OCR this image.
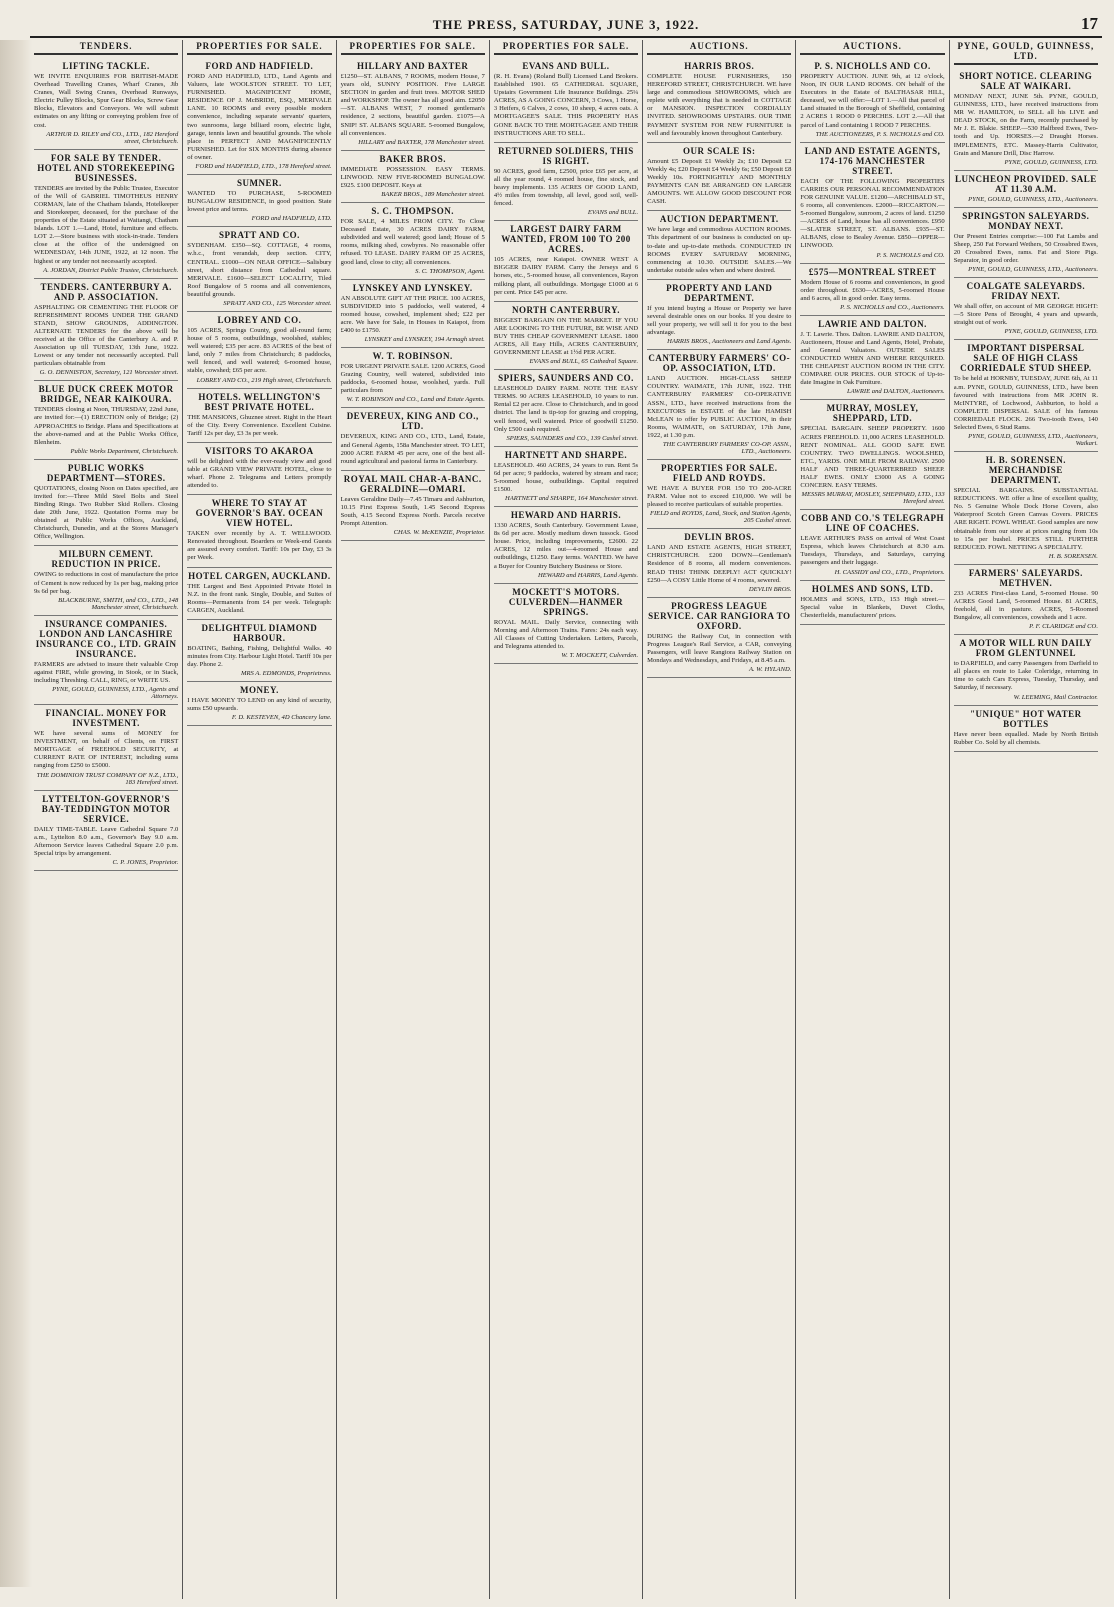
THE PRESS, SATURDAY, JUNE 3, 1922.	17
TENDERS.
LIFTING TACKLE.

WE INVITE ENQUIRIES FOR BRITISH-MADE Overhead Travelling Cranes, Wharf Cranes, Jib Cranes, Wall Swing Cranes, Overhead Runways, Electric Pulley Blocks, Spur Gear Blocks, Screw Gear Blocks, Elevators and Conveyors. We will submit estimates on any lifting or conveying problem free of cost.

ARTHUR D. RILEY and CO., LTD., 182 Hereford street, Christchurch.
FOR SALE BY TENDER. HOTEL AND STOREKEEPING BUSINESSES.

TENDERS are invited by the Public Trustee, Executor of the Will of GABRIEL TIMOTHEUS HENRY CORMAN, late of the Chatham Islands, Hotelkeeper and Storekeeper, deceased, for the purchase of the properties of the Estate situated at Waitangi, Chatham Islands. LOT 1.—Land, Hotel, furniture and effects. LOT 2.—Store business with stock-in-trade. Tenders close at the office of the undersigned on WEDNESDAY, 14th JUNE, 1922, at 12 noon. The highest or any tender not necessarily accepted.

A. JORDAN, District Public Trustee, Christchurch.
TENDERS. CANTERBURY A. AND P. ASSOCIATION.

ASPHALTING OR CEMENTING THE FLOOR OF REFRESHMENT ROOMS UNDER THE GRAND STAND, SHOW GROUNDS, ADDINGTON. ALTERNATE TENDERS for the above will be received at the Office of the Canterbury A. and P. Association up till TUESDAY, 13th June, 1922. Lowest or any tender not necessarily accepted. Full particulars obtainable from

G. O. DENNISTON, Secretary, 121 Worcester street.
BLUE DUCK CREEK MOTOR BRIDGE, NEAR KAIKOURA.

TENDERS closing at Noon, THURSDAY, 22nd June, are invited for:—(1) ERECTION only of Bridge; (2) APPROACHES to Bridge. Plans and Specifications at the above-named and at the Public Works Office, Blenheim.

Public Works Department, Christchurch.
PUBLIC WORKS DEPARTMENT—STORES.

QUOTATIONS, closing Noon on Dates specified, are invited for:—Three Mild Steel Bolts and Steel Binding Rings. Two Rubber Skid Rollers. Closing date 20th June, 1922. Quotation Forms may be obtained at Public Works Offices, Auckland, Christchurch, Dunedin, and at the Stores Manager's Office, Wellington.

MILBURN CEMENT. REDUCTION IN PRICE.

OWING to reductions in cost of manufacture the price of Cement is now reduced by 1s per bag, making price 9s 6d per bag.

BLACKBURNE, SMITH, and CO., LTD., 148 Manchester street, Christchurch.
INSURANCE COMPANIES. LONDON AND LANCASHIRE INSURANCE CO., LTD. GRAIN INSURANCE.

FARMERS are advised to insure their valuable Crop against FIRE, while growing, in Stook, or in Stack, including Threshing. CALL, RING, or WRITE US.

PYNE, GOULD, GUINNESS, LTD., Agents and Attorneys.
FINANCIAL. MONEY FOR INVESTMENT.

WE have several sums of MONEY for INVESTMENT, on behalf of Clients, on FIRST MORTGAGE of FREEHOLD SECURITY, at CURRENT RATE OF INTEREST, including sums ranging from £250 to £5000.

THE DOMINION TRUST COMPANY OF N.Z., LTD., 183 Hereford street.
LYTTELTON-GOVERNOR'S BAY-TEDDINGTON MOTOR SERVICE.

DAILY TIME-TABLE. Leave Cathedral Square 7.0 a.m., Lyttelton 8.0 a.m., Governor's Bay 9.0 a.m. Afternoon Service leaves Cathedral Square 2.0 p.m. Special trips by arrangement.

C. P. JONES, Proprietor.
PROPERTIES FOR SALE.
FORD AND HADFIELD.

FORD AND HADFIELD, LTD., Land Agents and Valuers, late WOOLSTON STREET. TO LET, FURNISHED. MAGNIFICENT HOME, RESIDENCE OF J. McBRIDE, ESQ., MERIVALE LANE. 10 ROOMS and every possible modern convenience, including separate servants' quarters, two sunrooms, large billiard room, electric light, garage, tennis lawn and beautiful grounds. The whole place in PERFECT AND MAGNIFICENTLY FURNISHED. Let for SIX MONTHS during absence of owner.

FORD and HADFIELD, LTD., 178 Hereford street.
SUMNER.

WANTED TO PURCHASE, 5-ROOMED BUNGALOW RESIDENCE, in good position. State lowest price and terms.

FORD and HADFIELD, LTD.
SPRATT AND CO.

SYDENHAM. £350—SQ. COTTAGE, 4 rooms, w.h.c., front verandah, deep section. CITY, CENTRAL. £1000—ON NEAR OFFICE—Salisbury street, short distance from Cathedral square. MERIVALE. £1600—SELECT LOCALITY, Tiled Roof Bungalow of 5 rooms and all conveniences, beautiful grounds.

SPRATT AND CO., 125 Worcester street.
LOBREY AND CO.

105 ACRES, Springs County, good all-round farm; house of 5 rooms, outbuildings, woolshed, stables; well watered; £35 per acre. 83 ACRES of the best of land, only 7 miles from Christchurch; 8 paddocks, well fenced, and well watered; 6-roomed house, stable, cowshed; £65 per acre.

LOBREY AND CO., 219 High street, Christchurch.
HOTELS. WELLINGTON'S BEST PRIVATE HOTEL.

THE MANSIONS, Ghuznee street. Right in the Heart of the City. Every Convenience. Excellent Cuisine. Tariff 12s per day, £3 3s per week.

VISITORS TO AKAROA

will be delighted with the ever-ready view and good table at GRAND VIEW PRIVATE HOTEL, close to wharf. Phone 2. Telegrams and Letters promptly attended to.

WHERE TO STAY AT GOVERNOR'S BAY. OCEAN VIEW HOTEL.

TAKEN over recently by A. T. WELLWOOD. Renovated throughout. Boarders or Week-end Guests are assured every comfort. Tariff: 10s per Day, £3 3s per Week.

HOTEL CARGEN, AUCKLAND.

THE Largest and Best Appointed Private Hotel in N.Z. in the front rank. Single, Double, and Suites of Rooms—Permanents from £4 per week. Telegraph: CARGEN, Auckland.

DELIGHTFUL DIAMOND HARBOUR.

BOATING, Bathing, Fishing, Delightful Walks. 40 minutes from City. Harbour Light Hotel. Tariff 10s per day. Phone 2.

MRS A. EDMONDS, Proprietress.
MONEY.

I HAVE MONEY TO LEND on any kind of security, sums £50 upwards.

F. D. KESTEVEN, 4D Chancery lane.
PROPERTIES FOR SALE.
HILLARY AND BAXTER

£1250—ST. ALBANS, 7 ROOMS, modern House, 7 years old, SUNNY POSITION. Five LARGE SECTION in garden and fruit trees. MOTOR SHED and WORKSHOP. The owner has all good aim. £2050—ST. ALBANS WEST, 7 roomed gentleman's residence, 2 sections, beautiful garden. £1075—A SNIP! ST. ALBANS SQUARE. 5-roomed Bungalow, all conveniences.

HILLARY and BAXTER, 178 Manchester street.
BAKER BROS.

IMMEDIATE POSSESSION. EASY TERMS. LINWOOD. NEW FIVE-ROOMED BUNGALOW. £925. £100 DEPOSIT. Keys at

BAKER BROS., 189 Manchester street.
S. C. THOMPSON.

FOR SALE, 4 MILES FROM CITY. To Close Deceased Estate, 30 ACRES DAIRY FARM, subdivided and well watered; good land; House of 5 rooms, milking shed, cowbyres. No reasonable offer refused. TO LEASE. DAIRY FARM OF 25 ACRES, good land, close to city; all conveniences.

S. C. THOMPSON, Agent.
LYNSKEY AND LYNSKEY.

AN ABSOLUTE GIFT AT THE PRICE. 100 ACRES, SUBDIVIDED into 5 paddocks, well watered, 4 roomed house, cowshed, implement shed; £22 per acre. We have for Sale, in Houses in Kaiapoi, from £400 to £1750.

LYNSKEY and LYNSKEY, 194 Armagh street.
W. T. ROBINSON.

FOR URGENT PRIVATE SALE. 1200 ACRES, Good Grazing Country, well watered, subdivided into paddocks, 6-roomed house, woolshed, yards. Full particulars from

W. T. ROBINSON and CO., Land and Estate Agents.
DEVEREUX, KING AND CO., LTD.

DEVEREUX, KING AND CO., LTD., Land, Estate, and General Agents, 158a Manchester street. TO LET, 2000 ACRE FARM 45 per acre, one of the best all-round agricultural and pastoral farms in Canterbury.

ROYAL MAIL CHAR-A-BANC. GERALDINE—OMARI.

Leaves Geraldine Daily—7.45 Timaru and Ashburton, 10.15 First Express South, 1.45 Second Express South, 4.15 Second Express North. Parcels receive Prompt Attention.

CHAS. W. McKENZIE, Proprietor.
PROPERTIES FOR SALE.
EVANS AND BULL.

(R. H. Evans) (Roland Bull) Licensed Land Brokers. Established 1901. 65 CATHEDRAL SQUARE, Upstairs Government Life Insurance Buildings. 25¼ ACRES, AS A GOING CONCERN, 3 Cows, 1 Horse, 3 Heifers, 6 Calves, 2 cows, 10 sheep, 4 acres oats. A MORTGAGEE'S SALE. THIS PROPERTY HAS GONE BACK TO THE MORTGAGEE AND THEIR INSTRUCTIONS ARE TO SELL.

RETURNED SOLDIERS, THIS IS RIGHT.

90 ACRES, good farm, £2500, price £65 per acre, at all the year round, 4 roomed house, fine stock, and heavy implements. 135 ACRES OF GOOD LAND, 4½ miles from township, all level, good soil, well-fenced.

EVANS and BULL.
LARGEST DAIRY FARM WANTED, FROM 100 TO 200 ACRES.

105 ACRES, near Kaiapoi. OWNER WEST A BIGGER DAIRY FARM. Carry the Jerseys and 6 horses, etc., 5-roomed house, all conveniences, Rayon milking plant, all outbuildings. Mortgage £1000 at 6 per cent. Price £45 per acre.

NORTH CANTERBURY.

BIGGEST BARGAIN ON THE MARKET. IF YOU ARE LOOKING TO THE FUTURE, BE WISE AND BUY THIS CHEAP GOVERNMENT LEASE. 1800 ACRES, All Easy Hills, ACRES CANTERBURY, GOVERNMENT LEASE at 1½d PER ACRE.

EVANS and BULL, 65 Cathedral Square.
SPIERS, SAUNDERS AND CO.

LEASEHOLD DAIRY FARM. NOTE THE EASY TERMS. 90 ACRES LEASEHOLD, 10 years to run. Rental £2 per acre. Close to Christchurch, and in good district. The land is tip-top for grazing and cropping, well fenced, well watered. Price of goodwill £1250. Only £500 cash required.

SPIERS, SAUNDERS and CO., 139 Cashel street.
HARTNETT AND SHARPE.

LEASEHOLD. 460 ACRES, 24 years to run. Rent 5s 6d per acre; 9 paddocks, watered by stream and race; 5-roomed house, outbuildings. Capital required £1500.

HARTNETT and SHARPE, 164 Manchester street.
HEWARD AND HARRIS.

1330 ACRES, South Canterbury. Government Lease, 8s 6d per acre. Mostly medium down tussock. Good house. Price, including improvements, £2600. 22 ACRES, 12 miles out—4-roomed House and outbuildings, £1250. Easy terms. WANTED. We have a Buyer for Country Butchery Business or Store.

HEWARD and HARRIS, Land Agents.
MOCKETT'S MOTORS. CULVERDEN—HANMER SPRINGS.

ROYAL MAIL. Daily Service, connecting with Morning and Afternoon Trains. Fares: 24s each way. All Classes of Cutting Undertaken. Letters, Parcels, and Telegrams attended to.

W. T. MOCKETT, Culverden.
AUCTIONS.
HARRIS BROS.

COMPLETE HOUSE FURNISHERS, 150 HEREFORD STREET, CHRISTCHURCH. WE have large and commodious SHOWROOMS, which are replete with everything that is needed in COTTAGE or MANSION. INSPECTION CORDIALLY INVITED. SHOWROOMS UPSTAIRS. OUR TIME PAYMENT SYSTEM FOR NEW FURNITURE is well and favourably known throughout Canterbury.

OUR SCALE IS:

Amount £5 Deposit £1 Weekly 2s; £10 Deposit £2 Weekly 4s; £20 Deposit £4 Weekly 6s; £50 Deposit £8 Weekly 10s. FORTNIGHTLY AND MONTHLY PAYMENTS CAN BE ARRANGED ON LARGER AMOUNTS. WE ALLOW GOOD DISCOUNT FOR CASH.

AUCTION DEPARTMENT.

We have large and commodious AUCTION ROOMS. This department of our business is conducted on up-to-date and up-to-date methods. CONDUCTED IN ROOMS EVERY SATURDAY MORNING, commencing at 10.30. OUTSIDE SALES.—We undertake outside sales when and where desired.

PROPERTY AND LAND DEPARTMENT.

If you intend buying a House or Property we have several desirable ones on our books. If you desire to sell your property, we will sell it for you to the best advantage.

HARRIS BROS., Auctioneers and Land Agents.
CANTERBURY FARMERS' CO-OP. ASSOCIATION, LTD.

LAND AUCTION. HIGH-CLASS SHEEP COUNTRY. WAIMATE, 17th JUNE, 1922. THE CANTERBURY FARMERS' CO-OPERATIVE ASSN., LTD., have received instructions from the EXECUTORS in ESTATE of the late HAMISH McLEAN to offer by PUBLIC AUCTION, in their Rooms, WAIMATE, on SATURDAY, 17th June, 1922, at 1.30 p.m.

THE CANTERBURY FARMERS' CO-OP. ASSN., LTD., Auctioneers.
PROPERTIES FOR SALE. FIELD AND ROYDS.

WE HAVE A BUYER FOR 150 TO 200-ACRE FARM. Value not to exceed £10,000. We will be pleased to receive particulars of suitable properties.

FIELD and ROYDS, Land, Stock, and Station Agents, 205 Cashel street.
DEVLIN BROS.

LAND AND ESTATE AGENTS, HIGH STREET, CHRISTCHURCH. £200 DOWN—Gentleman's Residence of 8 rooms, all modern conveniences. READ THIS! THINK DEEPLY! ACT QUICKLY! £250—A COSY Little Home of 4 rooms, sewered.

DEVLIN BROS.
PROGRESS LEAGUE SERVICE. CAR RANGIORA TO OXFORD.

DURING the Railway Cut, in connection with Progress League's Rail Service, a CAR, conveying Passengers, will leave Rangiora Railway Station on Mondays and Wednesdays, and Fridays, at 8.45 a.m.

A. W. HYLAND.
AUCTIONS.
P. S. NICHOLLS AND CO.

PROPERTY AUCTION. JUNE 9th, at 12 o'clock, Noon, IN OUR LAND ROOMS. ON behalf of the Executors in the Estate of BALTHASAR HILL, deceased, we will offer:—LOT 1.—All that parcel of Land situated in the Borough of Sheffield, containing 2 ACRES 1 ROOD 0 PERCHES. LOT 2.—All that parcel of Land containing 1 ROOD 7 PERCHES.

THE AUCTIONEERS, P. S. NICHOLLS and CO.
LAND AND ESTATE AGENTS, 174-176 MANCHESTER STREET.

EACH OF THE FOLLOWING PROPERTIES CARRIES OUR PERSONAL RECOMMENDATION FOR GENUINE VALUE. £1200—ARCHIBALD ST., 6 rooms, all conveniences. £2000—RICCARTON.—5-roomed Bungalow, sunroom, 2 acres of land. £1250—ACRES of Land, house has all conveniences. £950—SLATER STREET, ST. ALBANS. £935—ST. ALBANS, close to Bealey Avenue. £850—OPPER—LINWOOD.

P. S. NICHOLLS and CO.
£575—MONTREAL STREET

Modern House of 6 rooms and conveniences, in good order throughout. £630—ACRES, 5-roomed House and 6 acres, all in good order. Easy terms.

P. S. NICHOLLS and CO., Auctioneers.
LAWRIE AND DALTON.

J. T. Lawrie. Thos. Dalton. LAWRIE AND DALTON, Auctioneers, House and Land Agents, Hotel, Probate, and General Valuators. OUTSIDE SALES CONDUCTED WHEN AND WHERE REQUIRED. THE CHEAPEST AUCTION ROOM IN THE CITY. COMPARE OUR PRICES. OUR STOCK of Up-to-date Imagine in Oak Furniture.

LAWRIE and DALTON, Auctioneers.
MURRAY, MOSLEY, SHEPPARD, LTD.

SPECIAL BARGAIN. SHEEP PROPERTY. 1600 ACRES FREEHOLD. 11,000 ACRES LEASEHOLD. RENT NOMINAL. ALL GOOD SAFE EWE COUNTRY. TWO DWELLINGS. WOOLSHED, ETC., YARDS. ONE MILE FROM RAILWAY. 2500 HALF AND THREE-QUARTERBRED SHEEP. HALF EWES. ONLY £3000 AS A GOING CONCERN. EASY TERMS.

MESSRS MURRAY, MOSLEY, SHEPPARD, LTD., 133 Hereford street.
COBB AND CO.'S TELEGRAPH LINE OF COACHES.

LEAVE ARTHUR'S PASS on arrival of West Coast Express, which leaves Christchurch at 8.30 a.m. Tuesdays, Thursdays, and Saturdays, carrying passengers and their luggage.

H. CASSIDY and CO., LTD., Proprietors.
HOLMES AND SONS, LTD.

HOLMES and SONS, LTD., 153 High street.—Special value in Blankets, Duvet Cloths, Chesterfields, manufacturers' prices.

PYNE, GOULD, GUINNESS, LTD.
SHORT NOTICE. CLEARING SALE AT WAIKARI.

MONDAY NEXT, JUNE 5th. PYNE, GOULD, GUINNESS, LTD., have received instructions from MR W. HAMILTON, to SELL all his LIVE and DEAD STOCK, on the Farm, recently purchased by Mr J. E. Blakie. SHEEP.—530 Halfbred Ewes, Two-tooth and Up. HORSES.—2 Draught Horses. IMPLEMENTS, ETC. Massey-Harris Cultivator, Grain and Manure Drill, Disc Harrow.

PYNE, GOULD, GUINNESS, LTD.
LUNCHEON PROVIDED. SALE AT 11.30 A.M.
PYNE, GOULD, GUINNESS, LTD., Auctioneers.
SPRINGSTON SALEYARDS. MONDAY NEXT.

Our Present Entries comprise:—100 Fat Lambs and Sheep, 250 Fat Forward Wethers, 50 Crossbred Ewes, 20 Crossbred Ewes, rams. Fat and Store Pigs. Separator, in good order.

PYNE, GOULD, GUINNESS, LTD., Auctioneers.
COALGATE SALEYARDS. FRIDAY NEXT.

We shall offer, on account of MR GEORGE HIGHT:—5 Store Pens of Brought, 4 years and upwards, straight out of work.

PYNE, GOULD, GUINNESS, LTD.
IMPORTANT DISPERSAL SALE OF HIGH CLASS CORRIEDALE STUD SHEEP.

To be held at HORNBY, TUESDAY, JUNE 6th, At 11 a.m. PYNE, GOULD, GUINNESS, LTD., have been favoured with instructions from MR JOHN R. McINTYRE, of Lochwood, Ashburton, to hold a COMPLETE DISPERSAL SALE of his famous CORRIEDALE FLOCK. 266 Two-tooth Ewes, 140 Selected Ewes, 6 Stud Rams.

PYNE, GOULD, GUINNESS, LTD., Auctioneers, Waikari.
H. B. SORENSEN. MERCHANDISE DEPARTMENT.

SPECIAL BARGAINS. SUBSTANTIAL REDUCTIONS. WE offer a line of excellent quality, No. 5 Genuine Whole Dock Horse Covers, also Waterproof Scotch Green Canvas Covers. PRICES ARE RIGHT. FOWL WHEAT. Good samples are now obtainable from our store at prices ranging from 10s to 15s per bushel. PRICES STILL FURTHER REDUCED. FOWL NETTING A SPECIALITY.

H. B. SORENSEN.
FARMERS' SALEYARDS. METHVEN.

233 ACRES First-class Land, 5-roomed House. 90 ACRES Good Land, 5-roomed House. 81 ACRES, freehold, all in pasture. ACRES, 5-Roomed Bungalow, all conveniences, cowsheds and 1 acre.

P. F. CLARIDGE and CO.
A MOTOR WILL RUN DAILY FROM GLENTUNNEL

to DARFIELD, and carry Passengers from Darfield to all places en route to Lake Coleridge, returning in time to catch Cars Express, Tuesday, Thursday, and Saturday, if necessary.

W. LEEMING, Mail Contractor.
"UNIQUE" HOT WATER BOTTLES

Have never been equalled. Made by North British Rubber Co. Sold by all chemists.
